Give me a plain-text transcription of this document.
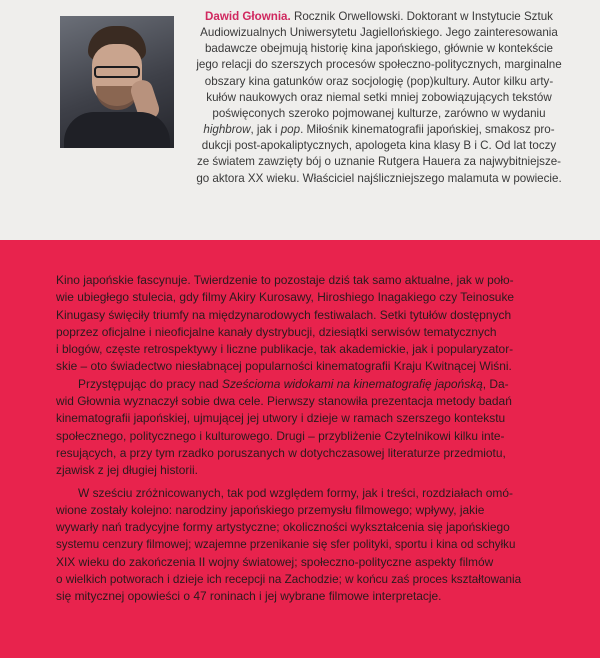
Dawid Głownia. Rocznik Orwellowski. Doktorant w Instytucie Sztuk
Audiowizualnych Uniwersytetu Jagiellońskiego. Jego zainteresowania
badawcze obejmują historię kina japońskiego, głównie w kontekście
jego relacji do szerszych procesów społeczno-politycznych, marginalne
obszary kina gatunków oraz socjologię (pop)kultury. Autor kilku arty-
kułów naukowych oraz niemal setki mniej zobowiązujących tekstów
poświęconych szeroko pojmowanej kulturze, zarówno w wydaniu
highbrow, jak i pop. Miłośnik kinematografii japońskiej, smakosz pro-
dukcji post-apokaliptycznych, apologeta kina klasy B i C. Od lat toczy
ze światem zawzięty bój o uznanie Rutgera Hauera za najwybitniejsze-
go aktora XX wieku. Właściciel najśliczniejszego malamuta w powiecie.
Kino japońskie fascynuje. Twierdzenie to pozostaje dziś tak samo aktualne, jak w poło-
wie ubiegłego stulecia, gdy filmy Akiry Kurosawy, Hiroshiego Inagakiego czy Teinosuke
Kinugasy święciły triumfy na międzynarodowych festiwalach. Setki tytułów dostępnych
poprzez oficjalne i nieoficjalne kanały dystrybucji, dziesiątki serwisów tematycznych
i blogów, częste retrospektywy i liczne publikacje, tak akademickie, jak i popularyzator-
skie – oto świadectwo niesłabnącej popularności kinematografii Kraju Kwitnącej Wiśni.
Przystępując do pracy nad Sześcioma widokami na kinematografię japońską, Da-
wid Głownia wyznaczył sobie dwa cele. Pierwszy stanowiła prezentacja metody badań
kinematografii japońskiej, ujmującej jej utwory i dzieje w ramach szerszego kontekstu
społecznego, politycznego i kulturowego. Drugi – przybliżenie Czytelnikowi kilku inte-
resujących, a przy tym rzadko poruszanych w dotychczasowej literaturze przedmiotu,
zjawisk z jej długiej historii.
W sześciu zróżnicowanych, tak pod względem formy, jak i treści, rozdziałach omó-
wione zostały kolejno: narodziny japońskiego przemysłu filmowego; wpływy, jakie
wywarły nań tradycyjne formy artystyczne; okoliczności wykształcenia się japońskiego
systemu cenzury filmowej; wzajemne przenikanie się sfer polityki, sportu i kina od schyłku
XIX wieku do zakończenia II wojny światowej; społeczno-polityczne aspekty filmów
o wielkich potworach i dzieje ich recepcji na Zachodzie; w końcu zaś proces kształtowania
się mitycznej opowieści o 47 roninach i jej wybrane filmowe interpretacje.
